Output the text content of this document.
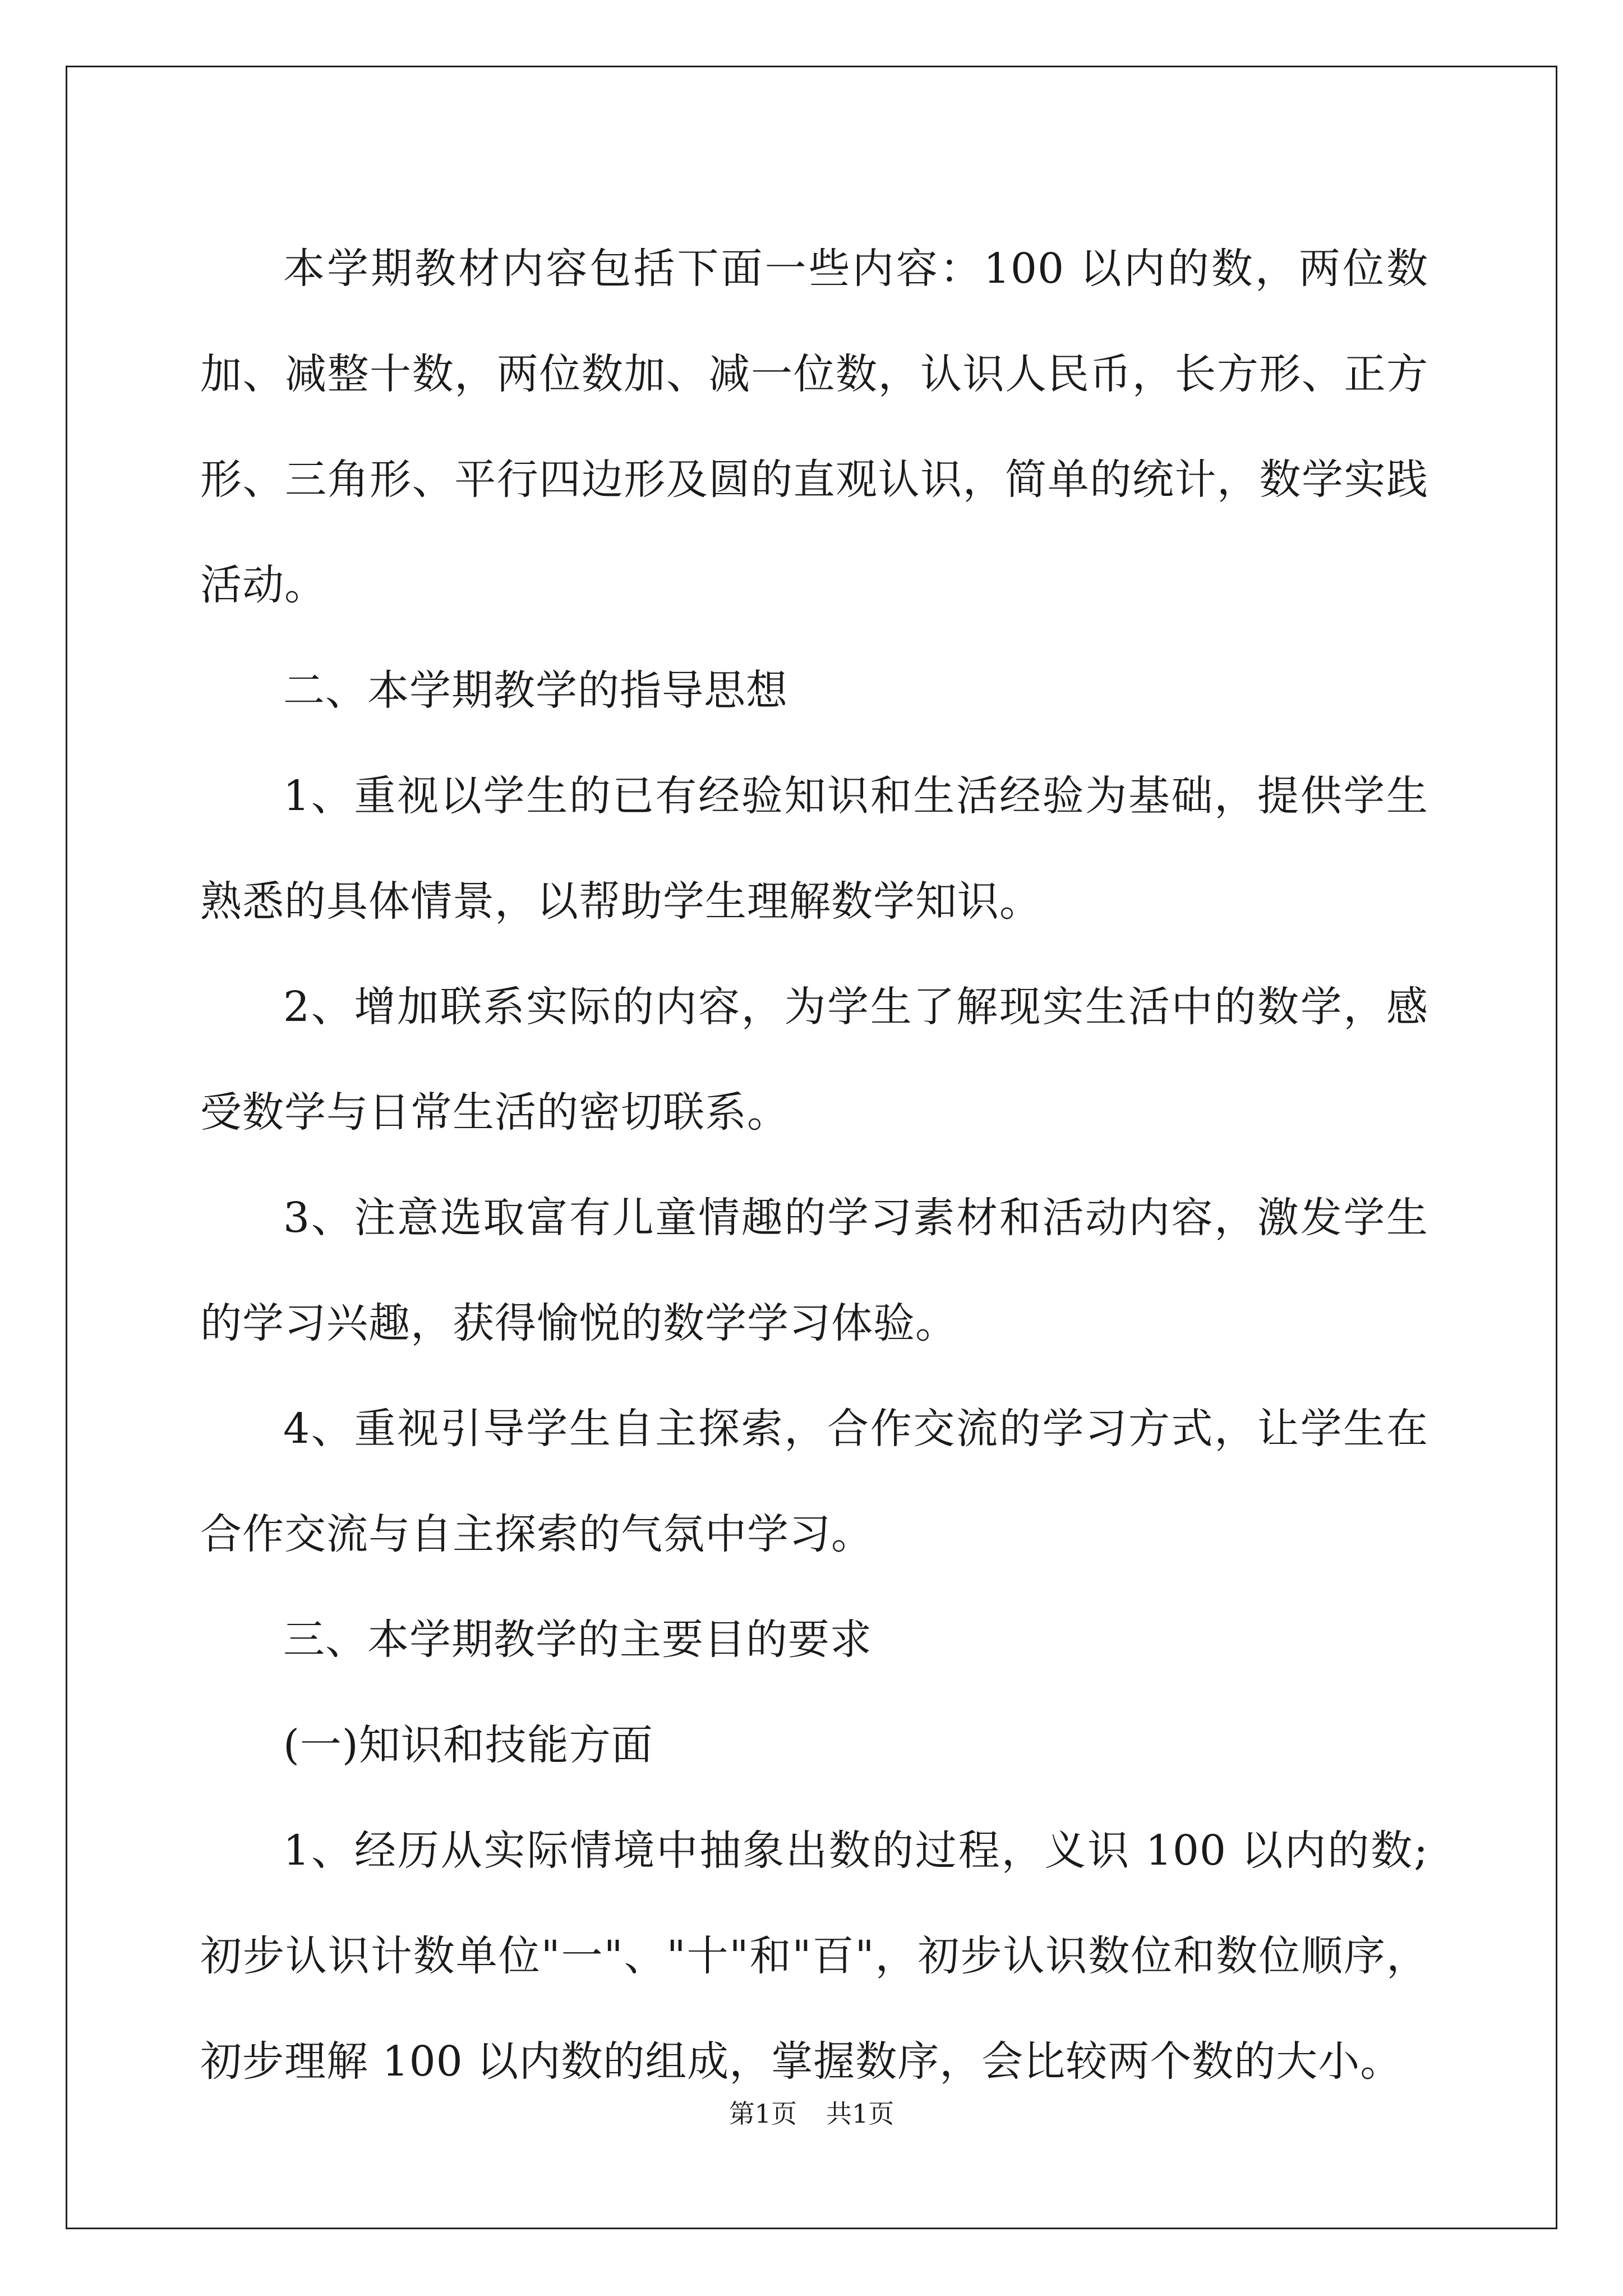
本学期教材内容包括下面一些内容：100 以内的数，两位数加、减整十数，两位数加、减一位数，认识人民币，长方形、正方形、三角形、平行四边形及圆的直观认识，简单的统计，数学实践活动。

二、本学期教学的指导思想

1、重视以学生的已有经验知识和生活经验为基础，提供学生熟悉的具体情景，以帮助学生理解数学知识。

2、增加联系实际的内容，为学生了解现实生活中的数学，感受数学与日常生活的密切联系。

3、注意选取富有儿童情趣的学习素材和活动内容，激发学生的学习兴趣，获得愉悦的数学学习体验。

4、重视引导学生自主探索，合作交流的学习方式，让学生在合作交流与自主探索的气氛中学习。

三、本学期教学的主要目的要求

(一)知识和技能方面

1、经历从实际情境中抽象出数的过程，义识 100 以内的数;初步认识计数单位"一"、"十"和"百"，初步认识数位和数位顺序，初步理解 100 以内数的组成，掌握数序，会比较两个数的大小。

第1页 共1页
